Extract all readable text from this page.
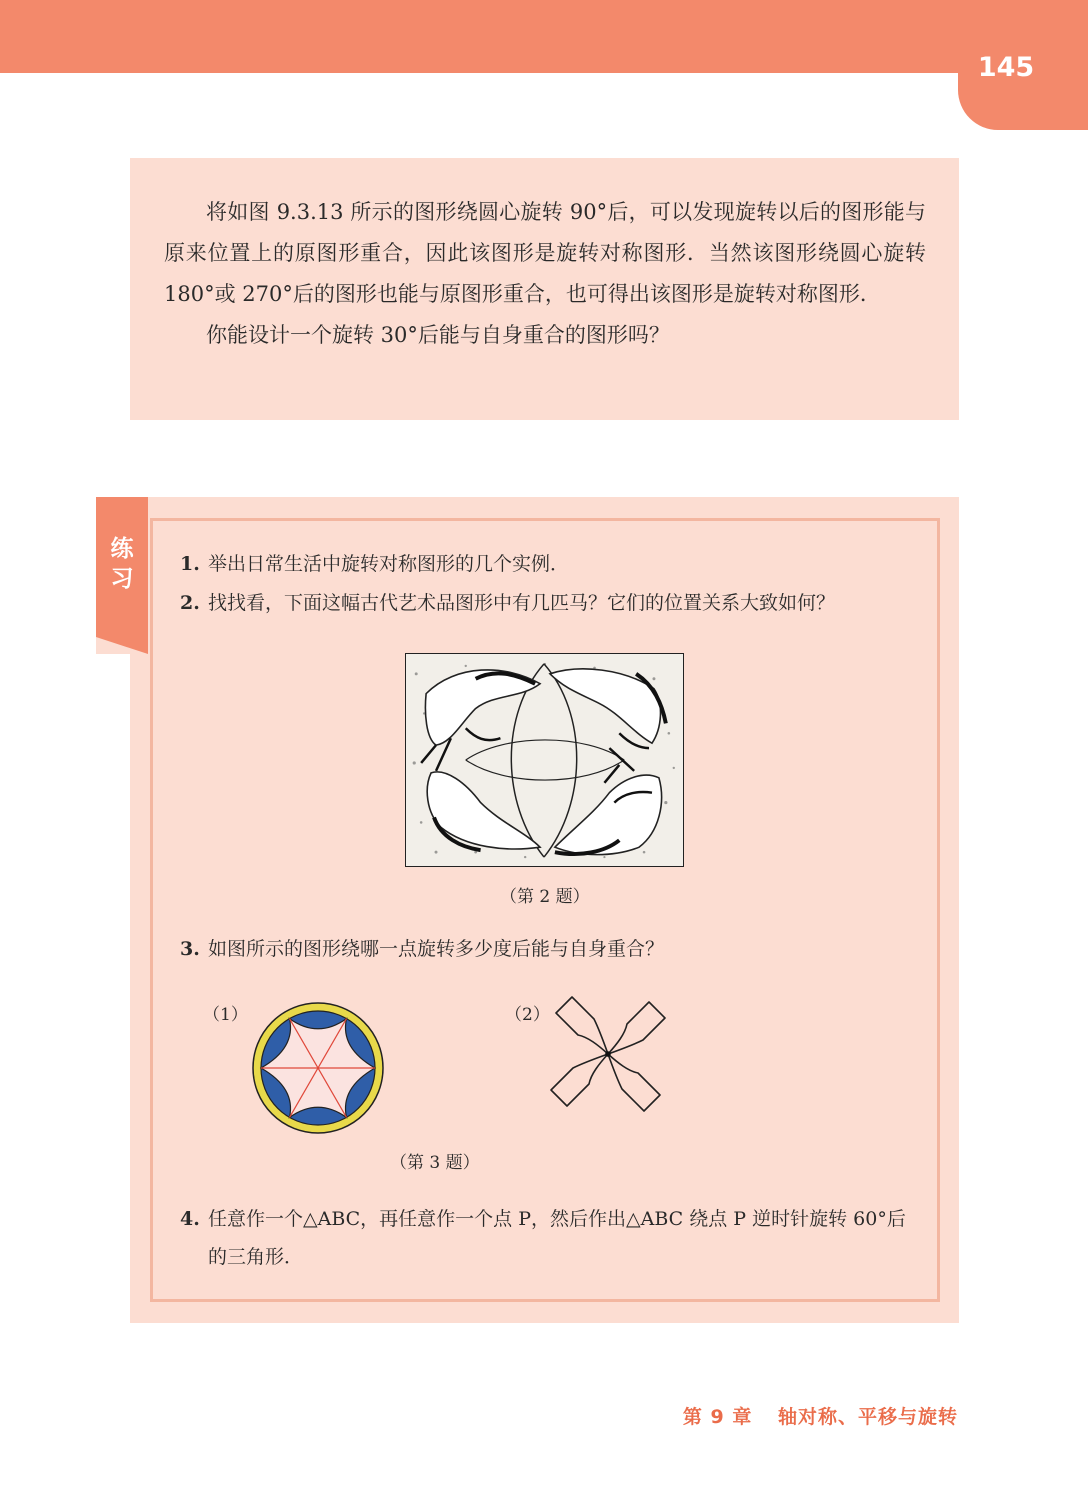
145

将如图 9.3.13 所示的图形绕圆心旋转 90°后，可以发现旋转以后的图形能与原来位置上的原图形重合，因此该图形是旋转对称图形．当然该图形绕圆心旋转 180°或 270°后的图形也能与原图形重合，也可得出该图形是旋转对称图形．

你能设计一个旋转 30°后能与自身重合的图形吗？

练
习
1. 举出日常生活中旋转对称图形的几个实例．
2. 找找看，下面这幅古代艺术品图形中有几匹马？它们的位置关系大致如何？
（第 2 题）
3. 如图所示的图形绕哪一点旋转多少度后能与自身重合？
（1）	（2）
（第 3 题）
4. 任意作一个△ABC，再任意作一个点 P，然后作出△ABC 绕点 P 逆时针旋转 60°后的三角形．
第 9 章 轴对称、平移与旋转
